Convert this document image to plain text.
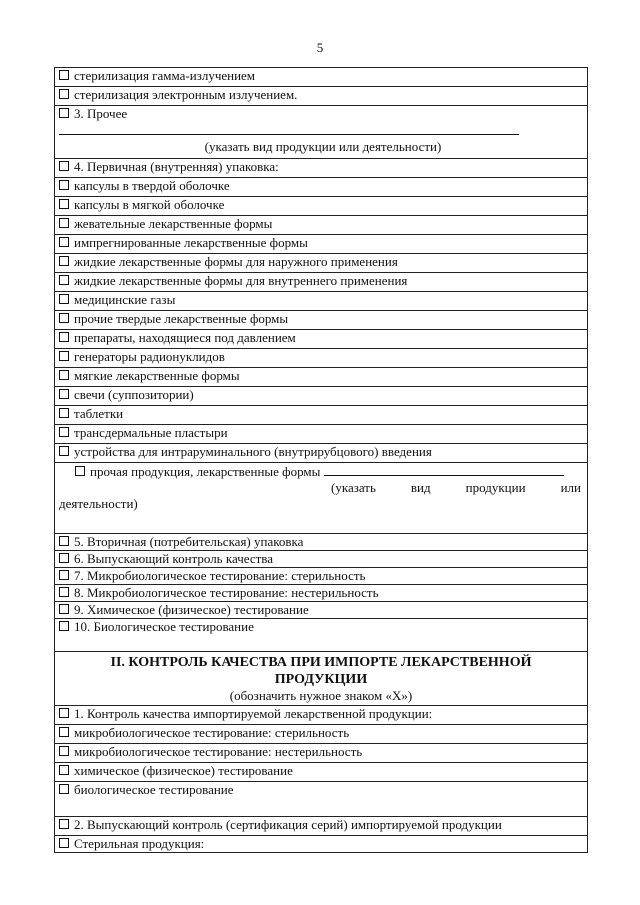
5
стерилизация гамма-излучением
стерилизация электронным излучением.

3. Прочее
(указать вид продукции или деятельности)

4. Первичная (внутренняя) упаковка:
капсулы в твердой оболочке
капсулы в мягкой оболочке
жевательные лекарственные формы
импрегнированные лекарственные формы
жидкие лекарственные формы для наружного применения
жидкие лекарственные формы для внутреннего применения
медицинские газы
прочие твердые лекарственные формы
препараты, находящиеся под давлением
генераторы радионуклидов
мягкие лекарственные формы
свечи (суппозитории)
таблетки
трансдермальные пластыри
устройства для интраруминального (внутрирубцового) введения

прочая продукция, лекарственные формы
(указать	вид	продукции	или
деятельности)

5. Вторичная (потребительская) упаковка
6. Выпускающий контроль качества
7. Микробиологическое тестирование: стерильность
8. Микробиологическое тестирование: нестерильность
9. Химическое (физическое) тестирование
10. Биологическое тестирование

II. КОНТРОЛЬ КАЧЕСТВА ПРИ ИМПОРТЕ ЛЕКАРСТВЕННОЙ
ПРОДУКЦИИ
(обозначить нужное знаком «Х»)

1. Контроль качества импортируемой лекарственной продукции:
микробиологическое тестирование: стерильность
микробиологическое тестирование: нестерильность
химическое (физическое) тестирование
биологическое тестирование
2. Выпускающий контроль (сертификация серий) импортируемой продукции
Стерильная продукция:
